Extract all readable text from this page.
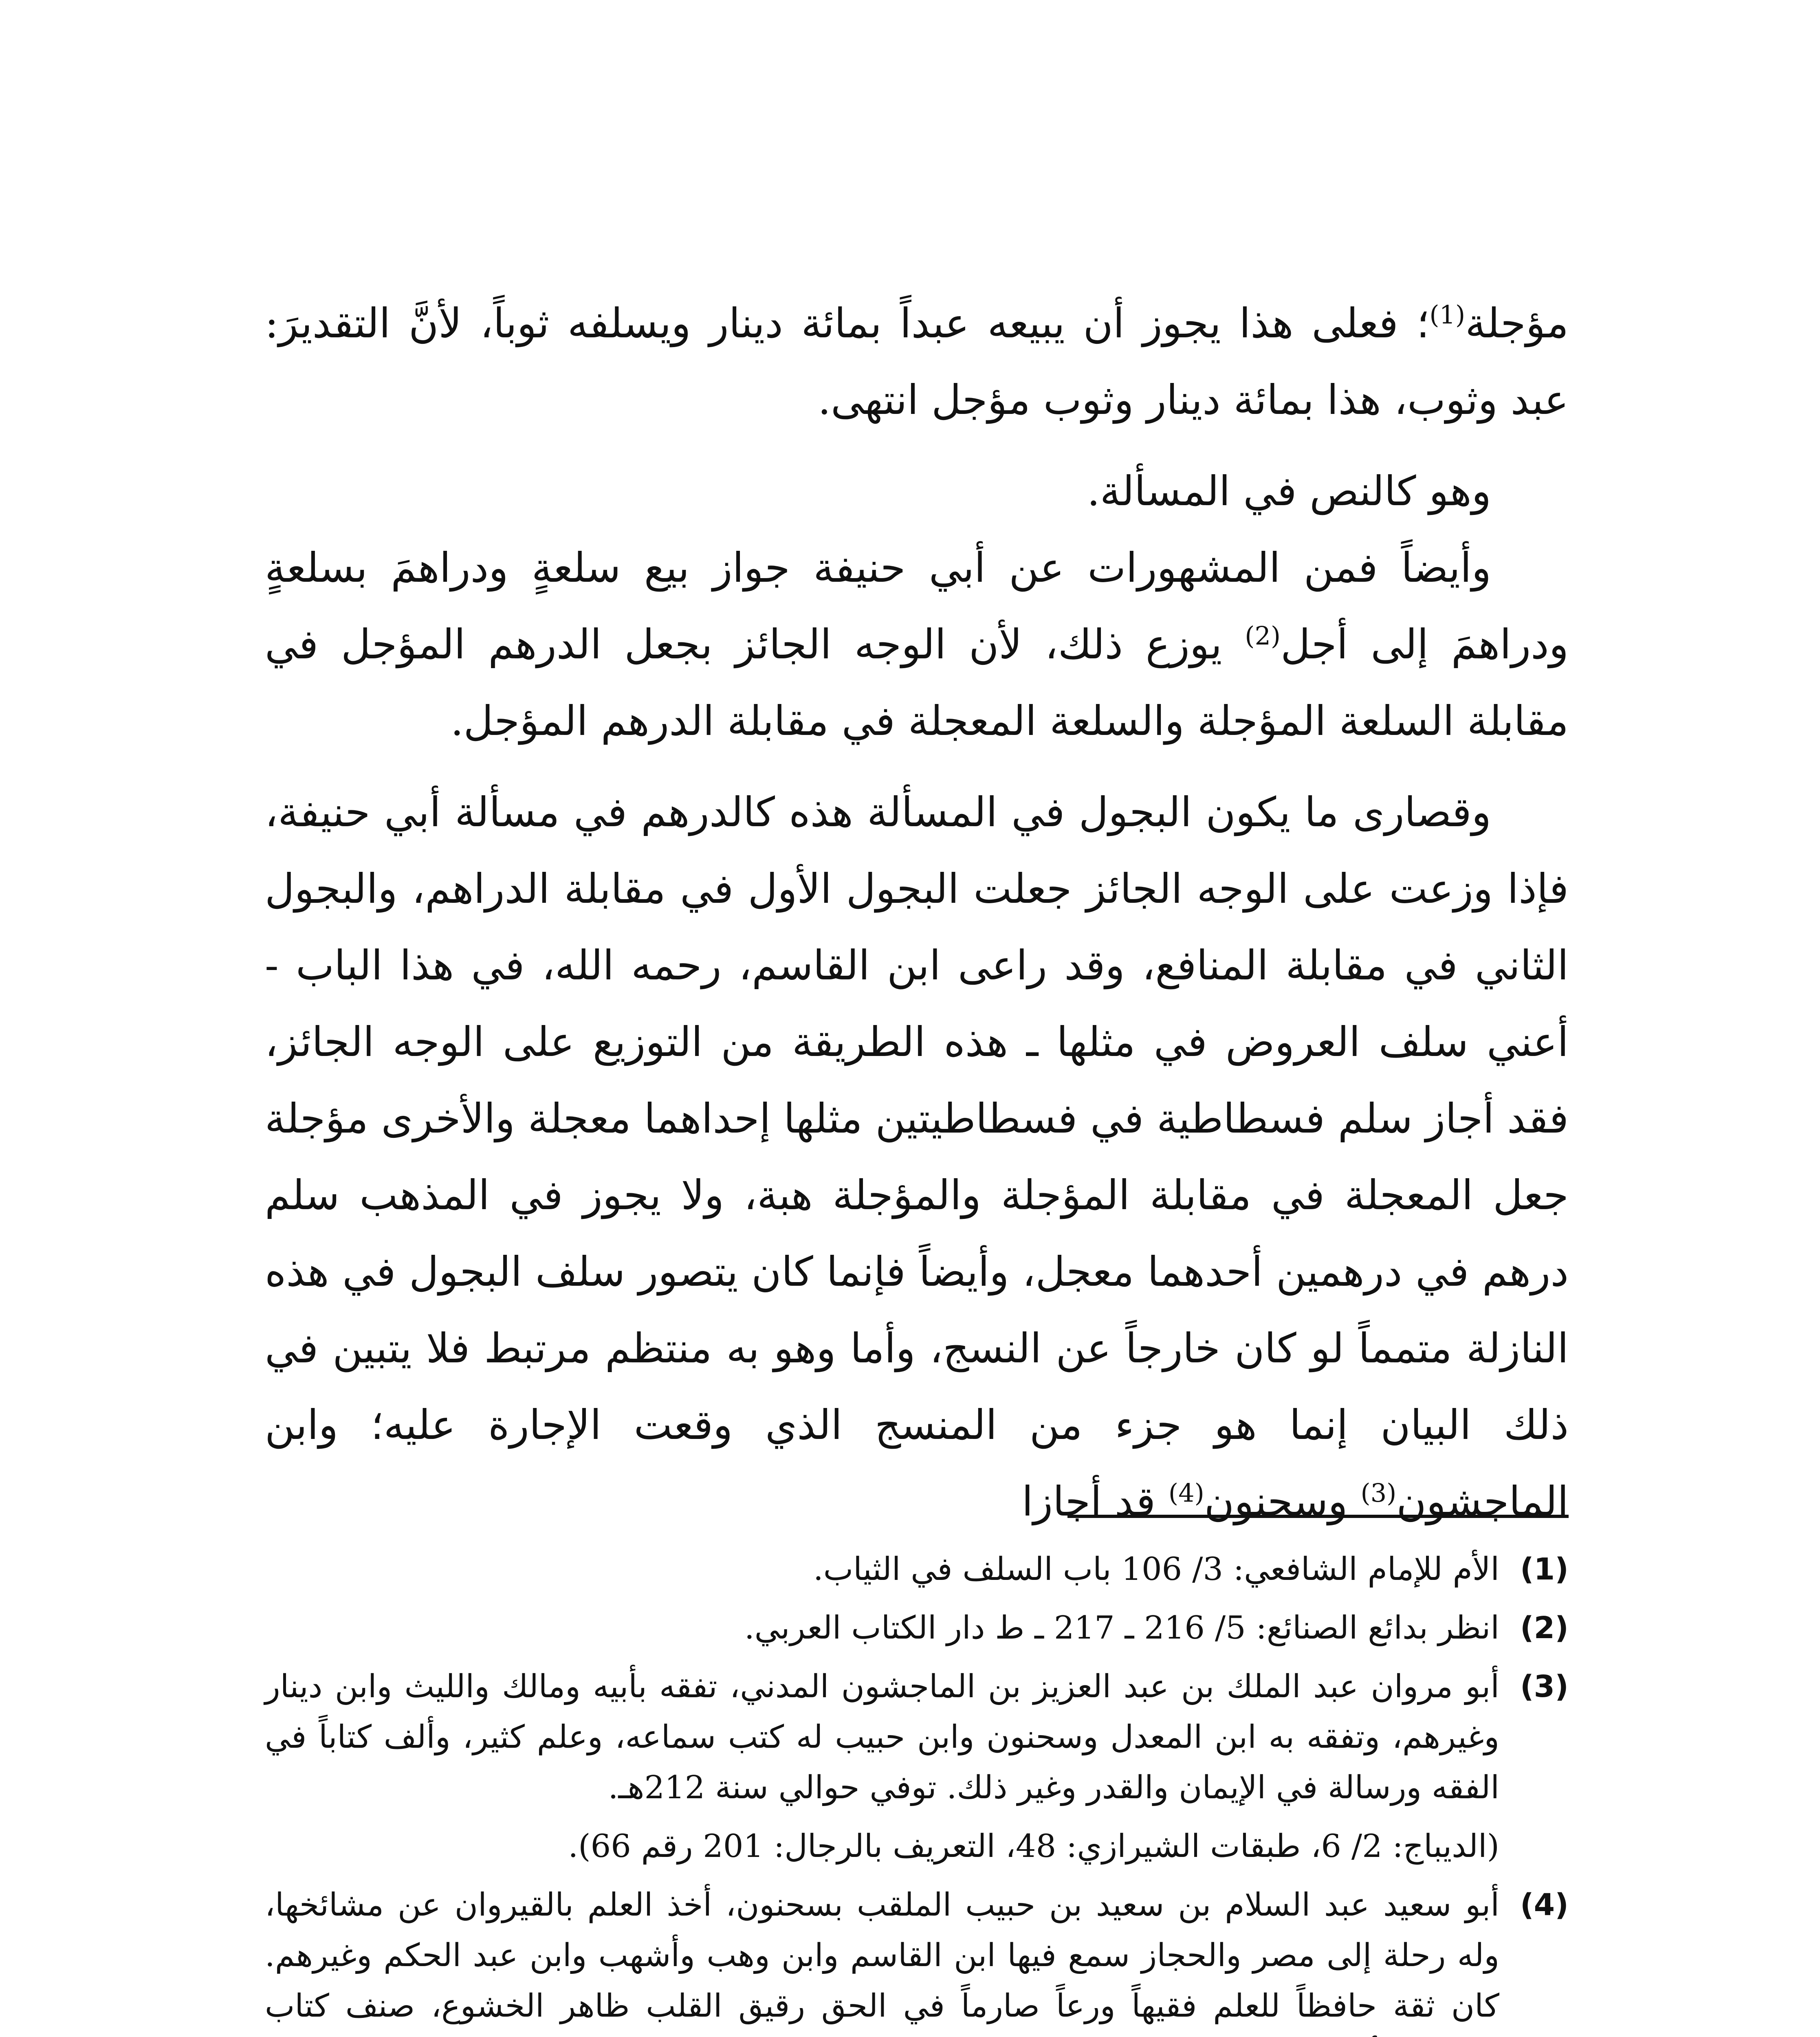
مؤجلة$^{(1)}$؛ فعلى هذا يجوز أن يبيعه عبداً بمائة دينار ويسلفه ثوباً، لأنَّ التقديرَ: عبد وثوب، هذا بمائة دينار وثوب مؤجل انتهى.

وهو كالنص في المسألة.

وأيضاً فمن المشهورات عن أبي حنيفة جواز بيع سلعةٍ ودراهمَ بسلعةٍ ودراهمَ إلى أجل$^{(2)}$ يوزع ذلك، لأن الوجه الجائز بجعل الدرهم المؤجل في مقابلة السلعة المؤجلة والسلعة المعجلة في مقابلة الدرهم المؤجل.

وقصارى ما يكون البجول في المسألة هذه كالدرهم في مسألة أبي حنيفة، فإذا وزعت على الوجه الجائز جعلت البجول الأول في مقابلة الدراهم، والبجول الثاني في مقابلة المنافع، وقد راعى ابن القاسم، رحمه الله، في هذا الباب - أعني سلف العروض في مثلها ـ هذه الطريقة من التوزيع على الوجه الجائز، فقد أجاز سلم فسطاطية في فسطاطيتين مثلها إحداهما معجلة والأخرى مؤجلة جعل المعجلة في مقابلة المؤجلة والمؤجلة هبة، ولا يجوز في المذهب سلم درهم في درهمين أحدهما معجل، وأيضاً فإنما كان يتصور سلف البجول في هذه النازلة متمماً لو كان خارجاً عن النسج، وأما وهو به منتظم مرتبط فلا يتبين في ذلك البيان إنما هو جزء من المنسج الذي وقعت الإجارة عليه؛ وابن الماجشون$^{(3)}$ وسحنون$^{(4)}$ قد أجازا

(1)
الأم للإمام الشافعي: 3/ 106 باب السلف في الثياب.
(2)
انظر بدائع الصنائع: 5/ 216 ـ 217 ـ ط دار الكتاب العربي.
(3)
أبو مروان عبد الملك بن عبد العزيز بن الماجشون المدني، تفقه بأبيه ومالك والليث وابن دينار وغيرهم، وتفقه به ابن المعدل وسحنون وابن حبيب له كتب سماعه، وعلم كثير، وألف كتاباً في الفقه ورسالة في الإيمان والقدر وغير ذلك. توفي حوالي سنة 212هـ.
(الديباج: 2/ 6، طبقات الشيرازي: 48، التعريف بالرجال: 201 رقم 66).
(4)
أبو سعيد عبد السلام بن سعيد بن حبيب الملقب بسحنون، أخذ العلم بالقيروان عن مشائخها، وله رحلة إلى مصر والحجاز سمع فيها ابن القاسم وابن وهب وأشهب وابن عبد الحكم وغيرهم. كان ثقة حافظاً للعلم فقيهاً ورعاً صارماً في الحق رقيق القلب ظاهر الخشوع، صنف كتاب
